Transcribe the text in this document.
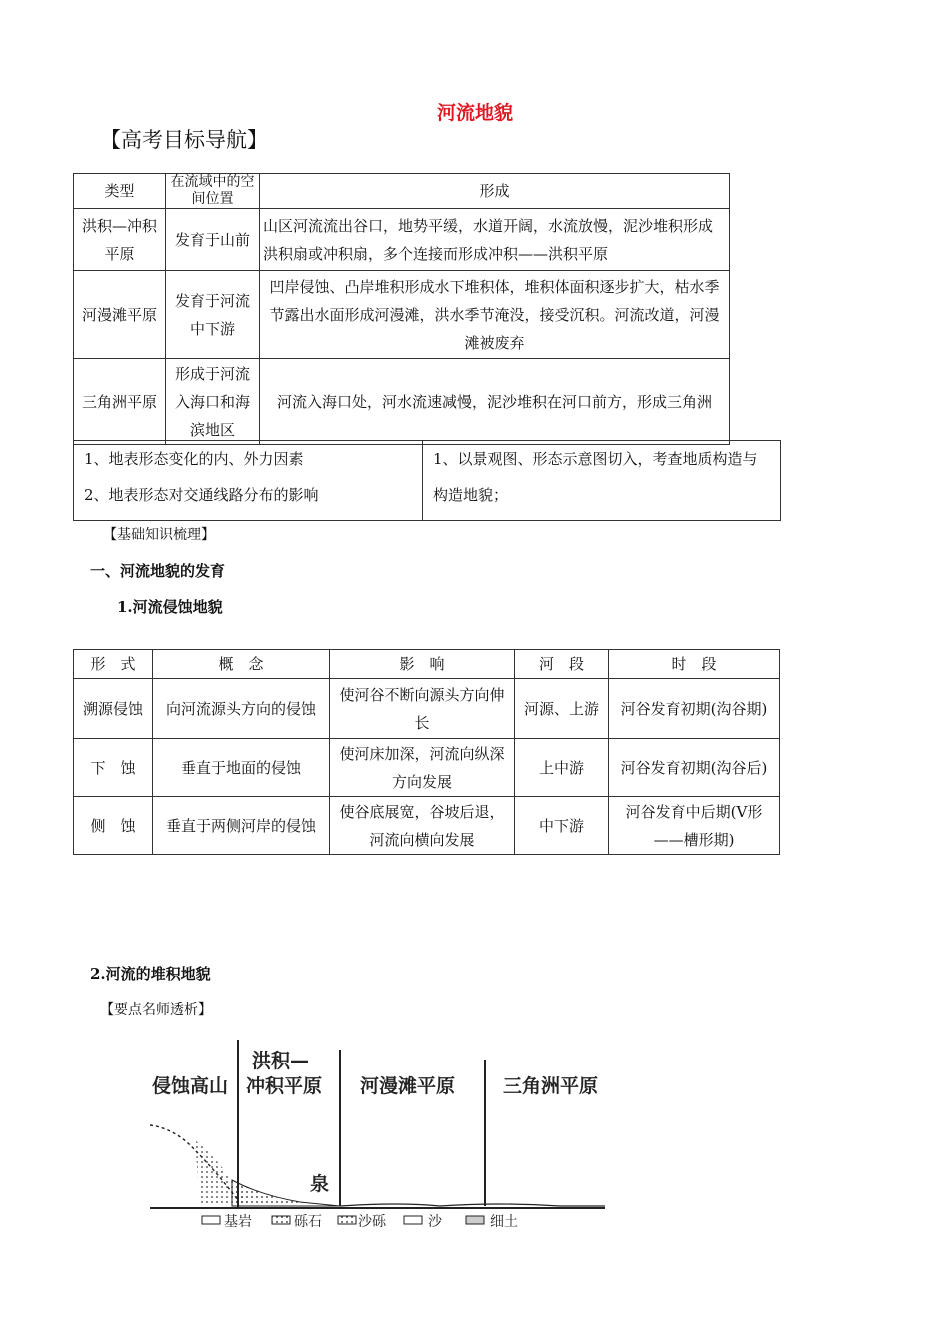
河流地貌
【高考目标导航】
类型	在流域中的空间位置	形成
洪积—冲积平原	发育于山前	山区河流流出谷口，地势平缓，水道开阔，水流放慢，泥沙堆积形成洪积扇或冲积扇，多个连接而形成冲积——洪积平原
河漫滩平原	发育于河流中下游	凹岸侵蚀、凸岸堆积形成水下堆积体，堆积体面积逐步扩大，枯水季节露出水面形成河漫滩，洪水季节淹没，接受沉积。河流改道，河漫滩被废弃
三角洲平原	形成于河流入海口和海滨地区	河流入海口处，河水流速减慢，泥沙堆积在河口前方，形成三角洲
1、地表形态变化的内、外力因素
2、地表形态对交通线路分布的影响

1、以景观图、形态示意图切入，考查地质构造与构造地貌；
【基础知识梳理】
一、河流地貌的发育
1.河流侵蚀地貌
形　式	概　念	影　响	河　段	时　段
溯源侵蚀	向河流源头方向的侵蚀	使河谷不断向源头方向伸长	河源、上游	河谷发育初期(沟谷期)
下　蚀	垂直于地面的侵蚀	使河床加深，河流向纵深方向发展	上中游	河谷发育初期(沟谷后)
侧　蚀	垂直于两侧河岸的侵蚀	使谷底展宽，谷坡后退，河流向横向发展	中下游	河谷发育中后期(V形——槽形期)
2.河流的堆积地貌
【要点名师透析】
侵蚀高山
洪积—
冲积平原 河漫滩平原	三角洲平原
泉
基岩	砾石	沙砾	沙	细土
